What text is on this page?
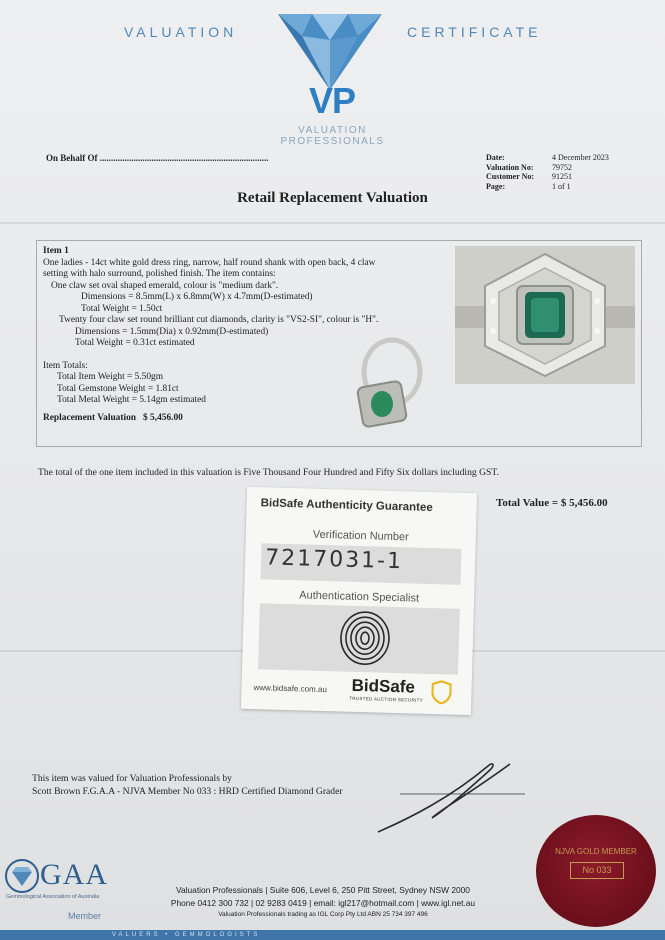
VALUATION	CERTIFICATE
VP
VALUATION
PROFESSIONALS
On Behalf Of ...........................................................................	Date:	4 December 2023
Valuation No:	79752
Customer No:	91251
Page:	1 of 1
Retail Replacement Valuation
Item 1
One ladies - 14ct white gold dress ring, narrow, half round shank with open back, 4 claw
setting with halo surround, polished finish. The item contains:
One claw set oval shaped emerald, colour is "medium dark".
Dimensions = 8.5mm(L) x 6.8mm(W) x 4.7mm(D-estimated)
Total Weight = 1.50ct
Twenty four claw set round brilliant cut diamonds, clarity is "VS2-SI", colour is "H".
Dimensions = 1.5mm(Dia) x 0.92mm(D-estimated)
Total Weight = 0.31ct estimated
Item Totals:
Total Item Weight = 5.50gm
Total Gemstone Weight = 1.81ct
Total Metal Weight = 5.14gm estimated
Replacement Valuation   $ 5,456.00
The total of the one item included in this valuation is Five Thousand Four Hundred and Fifty Six dollars including GST.
Total Value = $ 5,456.00
BidSafe Authenticity Guarantee
Verification Number
7217031-1
Authentication Specialist
www.bidsafe.com.au BidSafe
TRUSTED AUCTION SECURITY
This item was valued for Valuation Professionals by
Scott Brown F.G.A.A - NJVA Member No 033 : HRD Certified Diamond Grader
GAA
Gemmological Association of Australia
Member
Valuation Professionals | Suite 606, Level 6, 250 Pitt Street, Sydney NSW 2000
Phone 0412 300 732 | 02 9283 0419 | email: igl217@hotmail.com | www.igl.net.au
Valuation Professionals trading as IGL Corp Pty Ltd ABN 25 734 397 496
NJVA GOLD MEMBER
No 033
VALUERS • GEMMOLOGISTS
